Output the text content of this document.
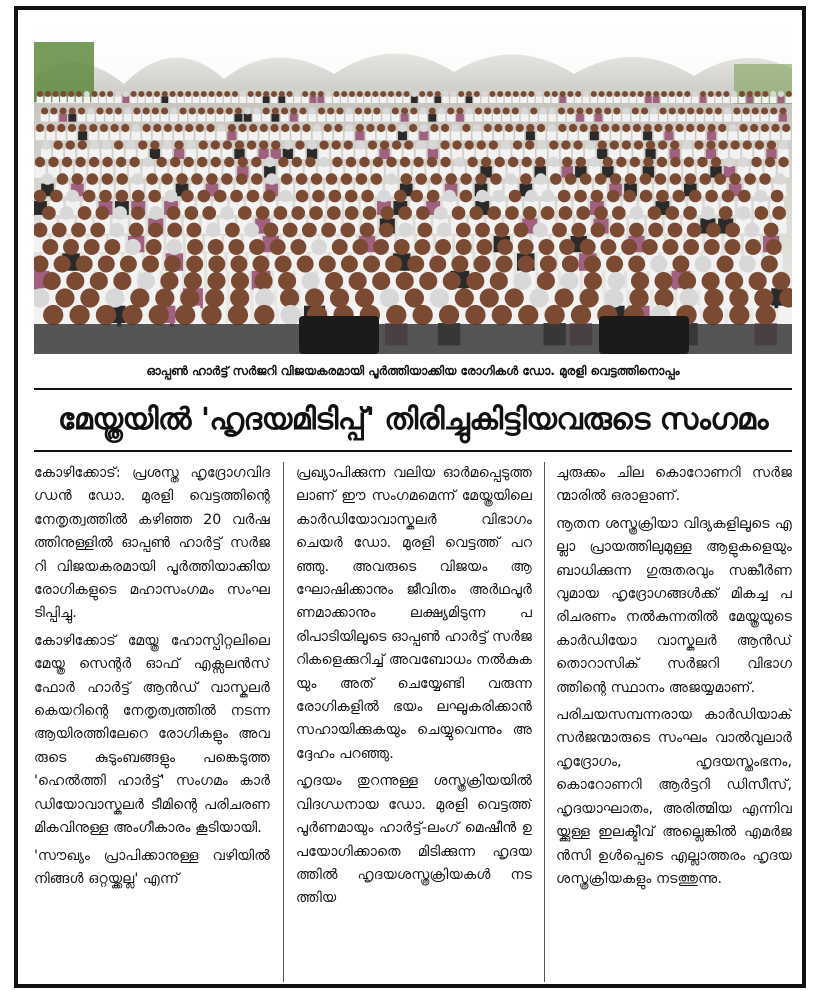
ഓപ്പൺ ഹാർട്ട് സർജറി വിജയകരമായി പൂർത്തിയാക്കിയ രോഗികൾ ഡോ. മുരളി വെട്ടത്തിനൊപ്പം
മേയ്ത്രയിൽ 'ഹൃദയമിടിപ്പ്' തിരിച്ചുകിട്ടിയവരുടെ സംഗമം

കോഴിക്കോട്: പ്രശസ്ത ഹൃദ്രോഗവിദഗ്ധൻ ഡോ. മുരളി വെട്ടത്തിന്റെ നേതൃത്വത്തിൽ കഴിഞ്ഞ 20 വർഷത്തിനുള്ളിൽ ഓപ്പൺ ഹാർട്ട് സർജറി വിജയകരമായി പൂർത്തിയാക്കിയ രോഗികളുടെ മഹാസംഗമം സംഘടിപ്പിച്ചു.

കോഴിക്കോട് മേയ്ത്ര ഹോസ്പിറ്റലിലെ മേയ്ത്ര സെന്റർ ഓഫ് എക്സലൻസ് ഫോർ ഹാർട്ട് ആൻഡ് വാസ്കുലർ കെയറിന്റെ നേതൃത്വത്തിൽ നടന്ന ആയിരത്തിലേറെ രോഗികളും അവരുടെ കുടുംബങ്ങളും പങ്കെടുത്ത 'ഹെൽത്തി ഹാർട്ട്' സംഗമം കാർഡിയോവാസ്കുലർ ടീമിന്റെ പരിചരണ മികവിനുള്ള അംഗീകാരം കൂടിയായി.

'സൗഖ്യം പ്രാപിക്കാനുള്ള വഴിയിൽ നിങ്ങൾ ഒറ്റയ്ക്കല്ല' എന്ന്

പ്രഖ്യാപിക്കുന്ന വലിയ ഓർമപ്പെടുത്തലാണ് ഈ സംഗമമെന്ന് മേയ്ത്രയിലെ കാർഡിയോവാസ്കുലർ വിഭാഗം ചെയർ ഡോ. മുരളി വെട്ടത്ത് പറഞ്ഞു. അവരുടെ വിജയം ആഘോഷിക്കാനും ജീവിതം അർഥപൂർണമാക്കാനും ലക്ഷ്യമിടുന്ന പരിപാടിയിലൂടെ ഓപ്പൺ ഹാർട്ട് സർജറികളെക്കുറിച്ച് അവബോധം നൽകുകയും അത് ചെയ്യേണ്ടി വരുന്ന രോഗികളിൽ ഭയം ലഘൂകരിക്കാൻ സഹായിക്കുകയും ചെയ്യുവെന്നും അദ്ദേഹം പറഞ്ഞു.

ഹൃദയം തുറന്നുള്ള ശസ്ത്രക്രിയയിൽ വിദഗ്ധനായ ഡോ. മുരളി വെട്ടത്ത് പൂർണമായും ഹാർട്ട്-ലംഗ് മെഷീൻ ഉപയോഗിക്കാതെ മിടിക്കുന്ന ഹൃദയത്തിൽ ഹൃദയശസ്ത്രക്രിയകൾ നടത്തിയ

ചുരുക്കം ചില കൊറോണറി സർജന്മാരിൽ ഒരാളാണ്.

നൂതന ശസ്ത്രക്രിയാ വിദ്യകളിലൂടെ എല്ലാ പ്രായത്തിലുമുള്ള ആളുകളെയും ബാധിക്കുന്ന ഗുരുതരവും സങ്കീർണവുമായ ഹൃദ്രോഗങ്ങൾക്ക് മികച്ച പരിചരണം നൽകുന്നതിൽ മേയ്ത്രയുടെ കാർഡിയോ വാസ്കുലർ ആൻഡ് തൊറാസിക് സർജറി വിഭാഗത്തിന്റെ സ്ഥാനം അജയ്യമാണ്.

പരിചയസമ്പന്നരായ കാർഡിയാക് സർജന്മാരുടെ സംഘം വാൽവുലാർ ഹൃദ്രോഗം, ഹൃദയസ്തംഭനം, കൊറോണറി ആർട്ടറി ഡിസീസ്, ഹൃദയാഘാതം, അരിത്മിയ എന്നിവയ്ക്കുള്ള ഇലക്ടീവ് അല്ലെങ്കിൽ എമർജൻസി ഉൾപ്പെടെ എല്ലാത്തരം ഹൃദയ ശസ്ത്രക്രിയകളും നടത്തുന്നു.
